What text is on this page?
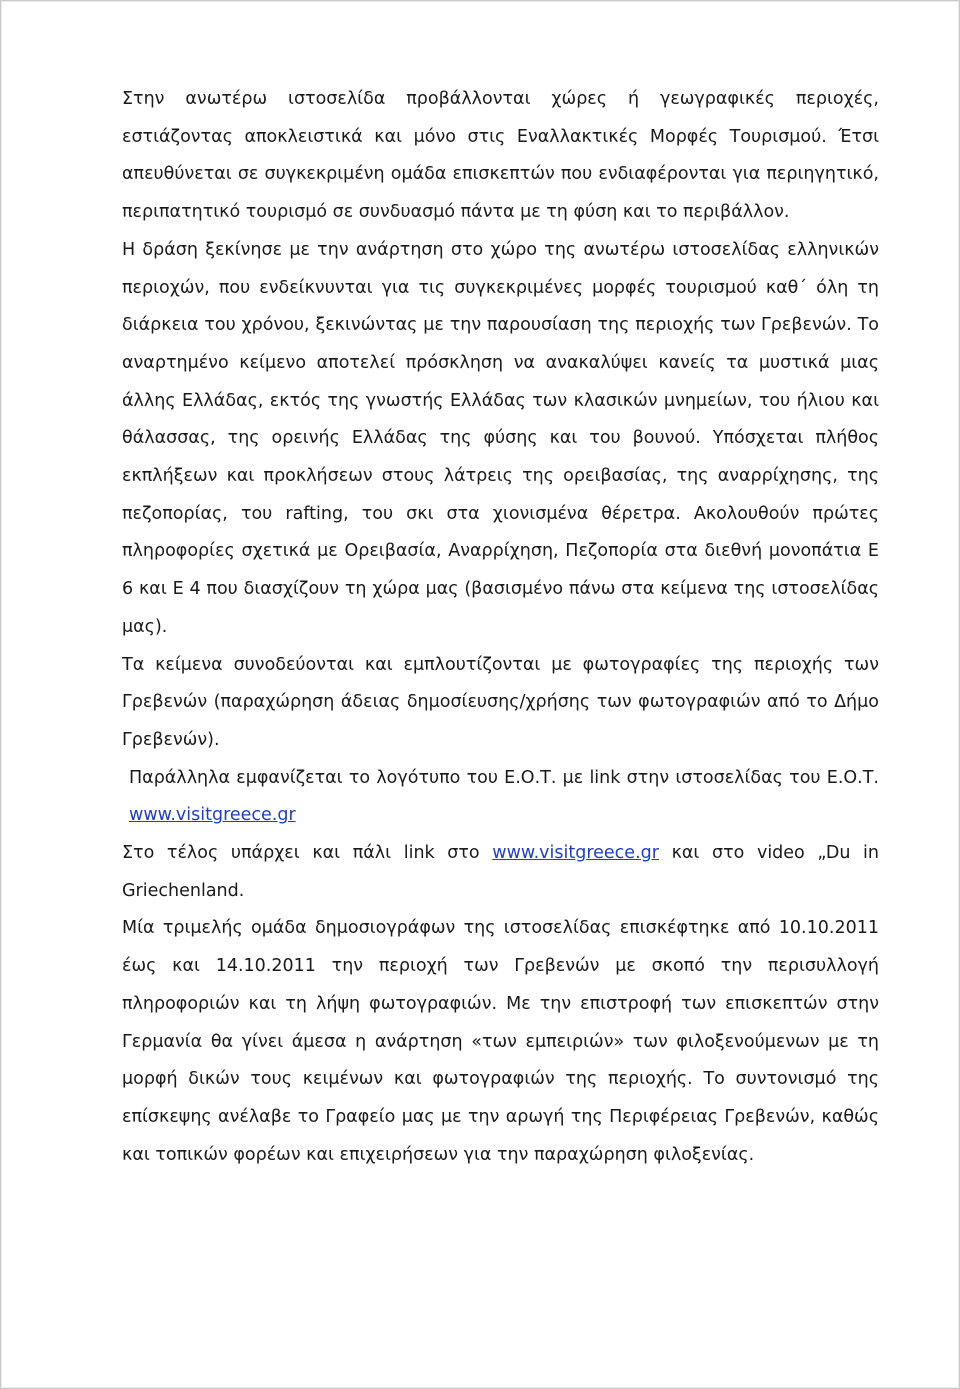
Στην ανωτέρω ιστοσελίδα προβάλλονται χώρες ή γεωγραφικές περιοχές, εστιάζοντας αποκλειστικά και μόνο στις Εναλλακτικές Μορφές Τουρισμού. Έτσι απευθύνεται σε συγκεκριμένη ομάδα επισκεπτών που ενδιαφέρονται για περιηγητικό, περιπατητικό τουρισμό σε συνδυασμό πάντα με τη φύση και το περιβάλλον.

Η δράση ξεκίνησε με την ανάρτηση στο χώρο της ανωτέρω ιστοσελίδας ελληνικών περιοχών, που ενδείκνυνται για τις συγκεκριμένες μορφές τουρισμού καθ΄ όλη τη διάρκεια του χρόνου, ξεκινώντας με την παρουσίαση της περιοχής των Γρεβενών. Το αναρτημένο κείμενο αποτελεί πρόσκληση να ανακαλύψει κανείς τα μυστικά μιας άλλης Ελλάδας, εκτός της γνωστής Ελλάδας των κλασικών μνημείων, του ήλιου και θάλασσας, της ορεινής Ελλάδας της φύσης και του βουνού. Υπόσχεται πλήθος εκπλήξεων και προκλήσεων στους λάτρεις της ορειβασίας, της αναρρίχησης, της πεζοπορίας, του rafting, του σκι στα χιονισμένα θέρετρα. Ακολουθούν πρώτες πληροφορίες σχετικά με Ορειβασία, Αναρρίχηση, Πεζοπορία στα διεθνή μονοπάτια Ε 6 και Ε 4 που διασχίζουν τη χώρα μας (βασισμένο πάνω στα κείμενα της ιστοσελίδας μας).

Τα κείμενα συνοδεύονται και εμπλουτίζονται με φωτογραφίες της περιοχής των Γρεβενών (παραχώρηση άδειας δημοσίευσης/χρήσης των φωτογραφιών από το Δήμο Γρεβενών).

Παράλληλα εμφανίζεται το λογότυπο του Ε.Ο.Τ. με link στην ιστοσελίδας του Ε.Ο.Τ. www.visitgreece.gr

Στο τέλος υπάρχει και πάλι link στο www.visitgreece.gr και στο video „Du in Griechenland.

Μία τριμελής ομάδα δημοσιογράφων της ιστοσελίδας επισκέφτηκε από 10.10.2011 έως και 14.10.2011 την περιοχή των Γρεβενών με σκοπό την περισυλλογή πληροφοριών και τη λήψη φωτογραφιών. Με την επιστροφή των επισκεπτών στην Γερμανία θα γίνει άμεσα η ανάρτηση «των εμπειριών» των φιλοξενούμενων με τη μορφή δικών τους κειμένων και φωτογραφιών της περιοχής. Το συντονισμό της επίσκεψης ανέλαβε το Γραφείο μας με την αρωγή της Περιφέρειας Γρεβενών, καθώς και τοπικών φορέων και επιχειρήσεων για την παραχώρηση φιλοξενίας.
